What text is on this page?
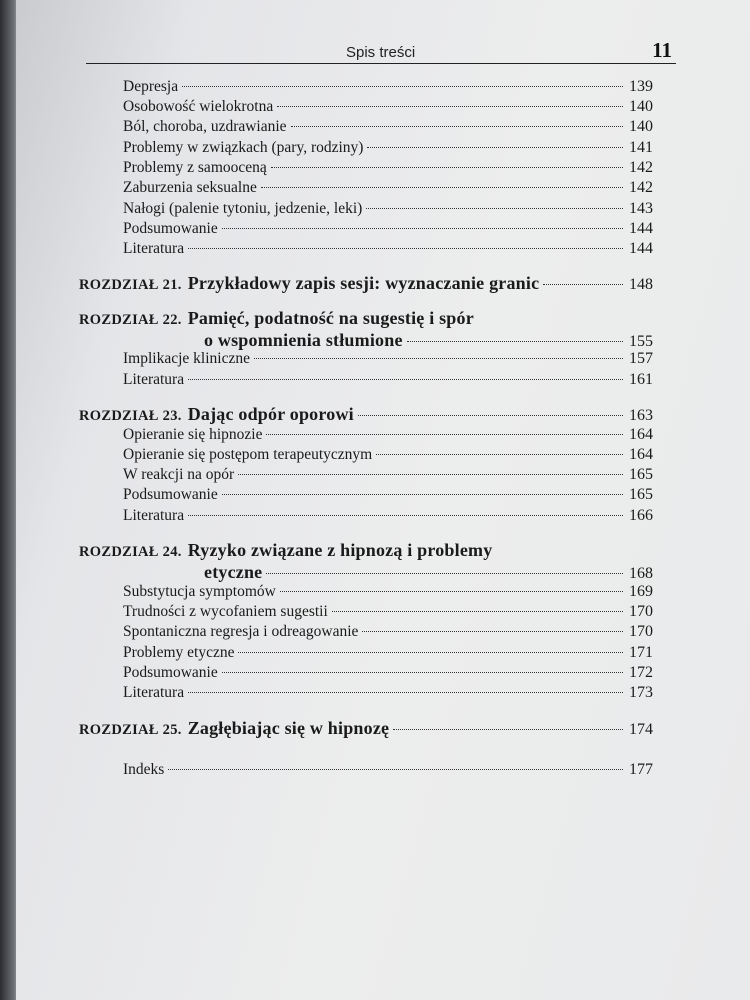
Spis treści	11
Depresja	139
Osobowość wielokrotna	140
Ból, choroba, uzdrawianie	140
Problemy w związkach (pary, rodziny)	141
Problemy z samooceną	142
Zaburzenia seksualne	142
Nałogi (palenie tytoniu, jedzenie, leki)	143
Podsumowanie	144
Literatura	144
ROZDZIAŁ 21. Przykładowy zapis sesji: wyznaczanie granic	148
ROZDZIAŁ 22. Pamięć, podatność na sugestię i spór
o wspomnienia stłumione	155
Implikacje kliniczne	157
Literatura	161
ROZDZIAŁ 23. Dając odpór oporowi	163
Opieranie się hipnozie	164
Opieranie się postępom terapeutycznym	164
W reakcji na opór	165
Podsumowanie	165
Literatura	166
ROZDZIAŁ 24. Ryzyko związane z hipnozą i problemy
etyczne	168
Substytucja symptomów	169
Trudności z wycofaniem sugestii	170
Spontaniczna regresja i odreagowanie	170
Problemy etyczne	171
Podsumowanie	172
Literatura	173
ROZDZIAŁ 25. Zagłębiając się w hipnozę	174
Indeks	177
